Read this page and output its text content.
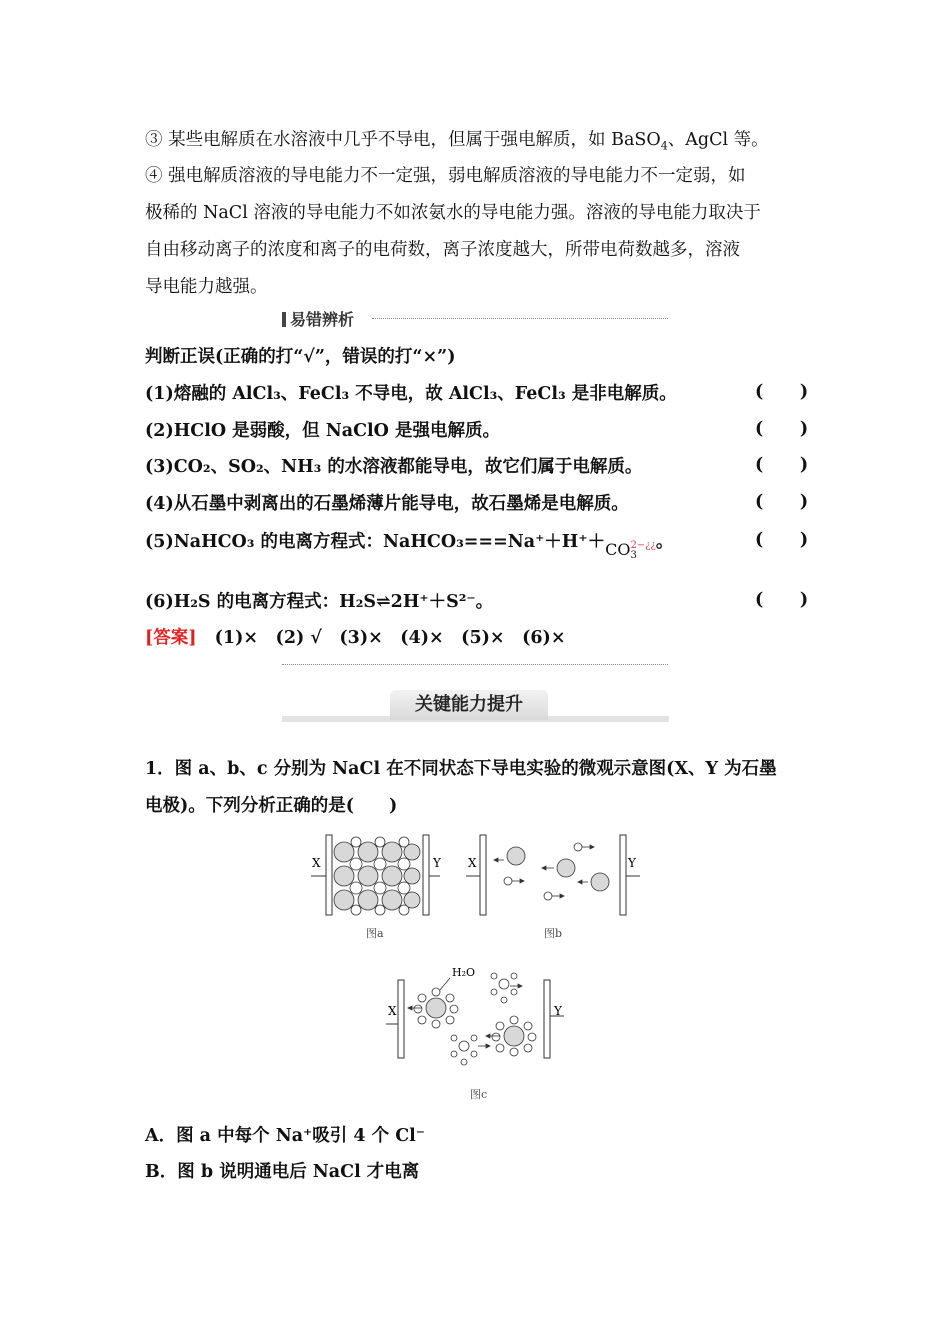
③ 某些电解质在水溶液中几乎不导电，但属于强电解质，如 BaSO$_4$、AgCl 等。
④ 强电解质溶液的导电能力不一定强，弱电解质溶液的导电能力不一定弱，如
极稀的 NaCl 溶液的导电能力不如浓氨水的导电能力强。溶液的导电能力取决于
自由移动离子的浓度和离子的电荷数，离子浓度越大，所带电荷数越多，溶液
导电能力越强。
易错辨析
判断正误(正确的打“√”，错误的打“×”)
(1)熔融的 AlCl₃、FeCl₃ 不导电，故 AlCl₃、FeCl₃ 是非电解质。	(      )
(2)HClO 是弱酸，但 NaClO 是强电解质。	(      )
(3)CO₂、SO₂、NH₃ 的水溶液都能导电，故它们属于电解质。	(      )
(4)从石墨中剥离出的石墨烯薄片能导电，故石墨烯是电解质。	(      )
(5)NaHCO₃ 的电离方程式：NaHCO₃===Na⁺＋H⁺＋CO 2−¿¿
3
。	(      )
(6)H₂S 的电离方程式：H₂S⇌2H⁺＋S²⁻。	(      )
[答案] (1)×　(2) √　(3)×　(4)×　(5)×　(6)×
关键能力提升
1．图 a、b、c 分别为 NaCl 在不同状态下导电实验的微观示意图(X、Y 为石墨
电极)。下列分析正确的是(　　)
X	Y
图a
X	Y
图b
X	Y
H₂O
图c
A．图 a 中每个 Na⁺吸引 4 个 Cl⁻
B．图 b 说明通电后 NaCl 才电离
